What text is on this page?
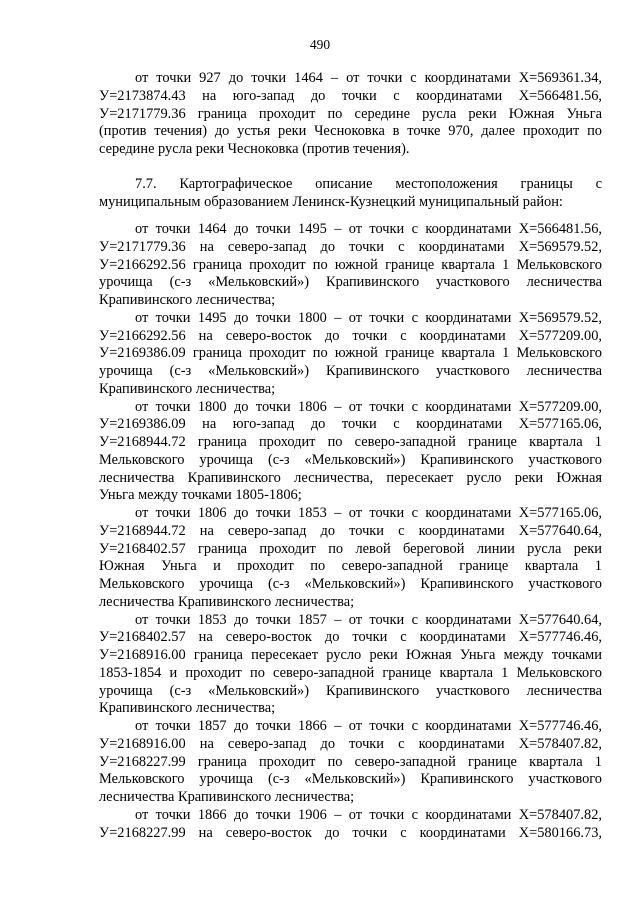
490
от точки 927 до точки 1464 – от точки с координатами Х=569361.34,
У=2173874.43 на юго-запад до точки с координатами Х=566481.56,
У=2171779.36 граница проходит по середине русла реки Южная Уньга
(против течения) до устья реки Чесноковка в точке 970, далее проходит по
середине русла реки Чесноковка (против течения).
7.7. Картографическое описание местоположения границы с
муниципальным образованием Ленинск-Кузнецкий муниципальный район:
от точки 1464 до точки 1495 – от точки с координатами Х=566481.56,
У=2171779.36 на северо-запад до точки с координатами Х=569579.52,
У=2166292.56 граница проходит по южной границе квартала 1 Мельковского
урочища (с-з «Мельковский») Крапивинского участкового лесничества
Крапивинского лесничества;
от точки 1495 до точки 1800 – от точки с координатами Х=569579.52,
У=2166292.56 на северо-восток до точки с координатами Х=577209.00,
У=2169386.09 граница проходит по южной границе квартала 1 Мельковского
урочища (с-з «Мельковский») Крапивинского участкового лесничества
Крапивинского лесничества;
от точки 1800 до точки 1806 – от точки с координатами Х=577209.00,
У=2169386.09 на юго-запад до точки с координатами Х=577165.06,
У=2168944.72 граница проходит по северо-западной границе квартала 1
Мельковского урочища (с-з «Мельковский») Крапивинского участкового
лесничества Крапивинского лесничества, пересекает русло реки Южная
Уньга между точками 1805-1806;
от точки 1806 до точки 1853 – от точки с координатами Х=577165.06,
У=2168944.72 на северо-запад до точки с координатами Х=577640.64,
У=2168402.57 граница проходит по левой береговой линии русла реки
Южная Уньга и проходит по северо-западной границе квартала 1
Мельковского урочища (с-з «Мельковский») Крапивинского участкового
лесничества Крапивинского лесничества;
от точки 1853 до точки 1857 – от точки с координатами Х=577640.64,
У=2168402.57 на северо-восток до точки с координатами Х=577746.46,
У=2168916.00 граница пересекает русло реки Южная Уньга между точками
1853-1854 и проходит по северо-западной границе квартала 1 Мельковского
урочища (с-з «Мельковский») Крапивинского участкового лесничества
Крапивинского лесничества;
от точки 1857 до точки 1866 – от точки с координатами Х=577746.46,
У=2168916.00 на северо-запад до точки с координатами Х=578407.82,
У=2168227.99 граница проходит по северо-западной границе квартала 1
Мельковского урочища (с-з «Мельковский») Крапивинского участкового
лесничества Крапивинского лесничества;
от точки 1866 до точки 1906 – от точки с координатами Х=578407.82,
У=2168227.99 на северо-восток до точки с координатами Х=580166.73,
